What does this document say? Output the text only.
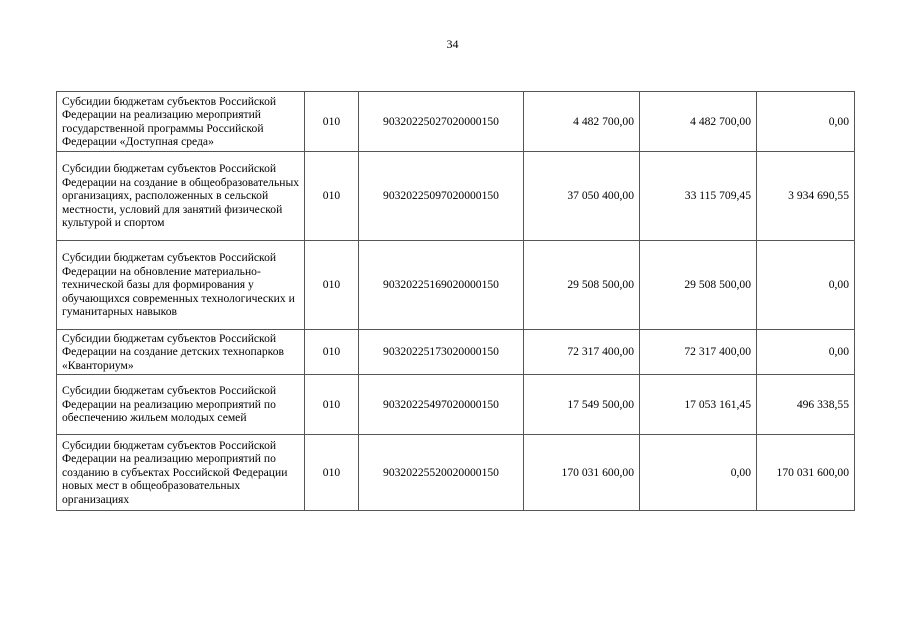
34
Субсидии бюджетам субъектов Российской Федерации на реализацию мероприятий государственной программы Российской Федерации «Доступная среда»	010	90320225027020000150	4 482 700,00	4 482 700,00	0,00
Субсидии бюджетам субъектов Российской Федерации на создание в общеобразовательных организациях, расположенных в сельской местности, условий для занятий физической культурой и спортом	010	90320225097020000150	37 050 400,00	33 115 709,45	3 934 690,55
Субсидии бюджетам субъектов Российской Федерации на обновление материально-технической базы для формирования у обучающихся современных технологических и гуманитарных навыков	010	90320225169020000150	29 508 500,00	29 508 500,00	0,00
Субсидии бюджетам субъектов Российской Федерации на создание детских технопарков «Кванториум»	010	90320225173020000150	72 317 400,00	72 317 400,00	0,00
Субсидии бюджетам субъектов Российской Федерации на реализацию мероприятий по обеспечению жильем молодых семей	010	90320225497020000150	17 549 500,00	17 053 161,45	496 338,55
Субсидии бюджетам субъектов Российской Федерации на реализацию мероприятий по созданию в субъектах Российской Федерации новых мест в общеобразовательных организациях	010	90320225520020000150	170 031 600,00	0,00	170 031 600,00
